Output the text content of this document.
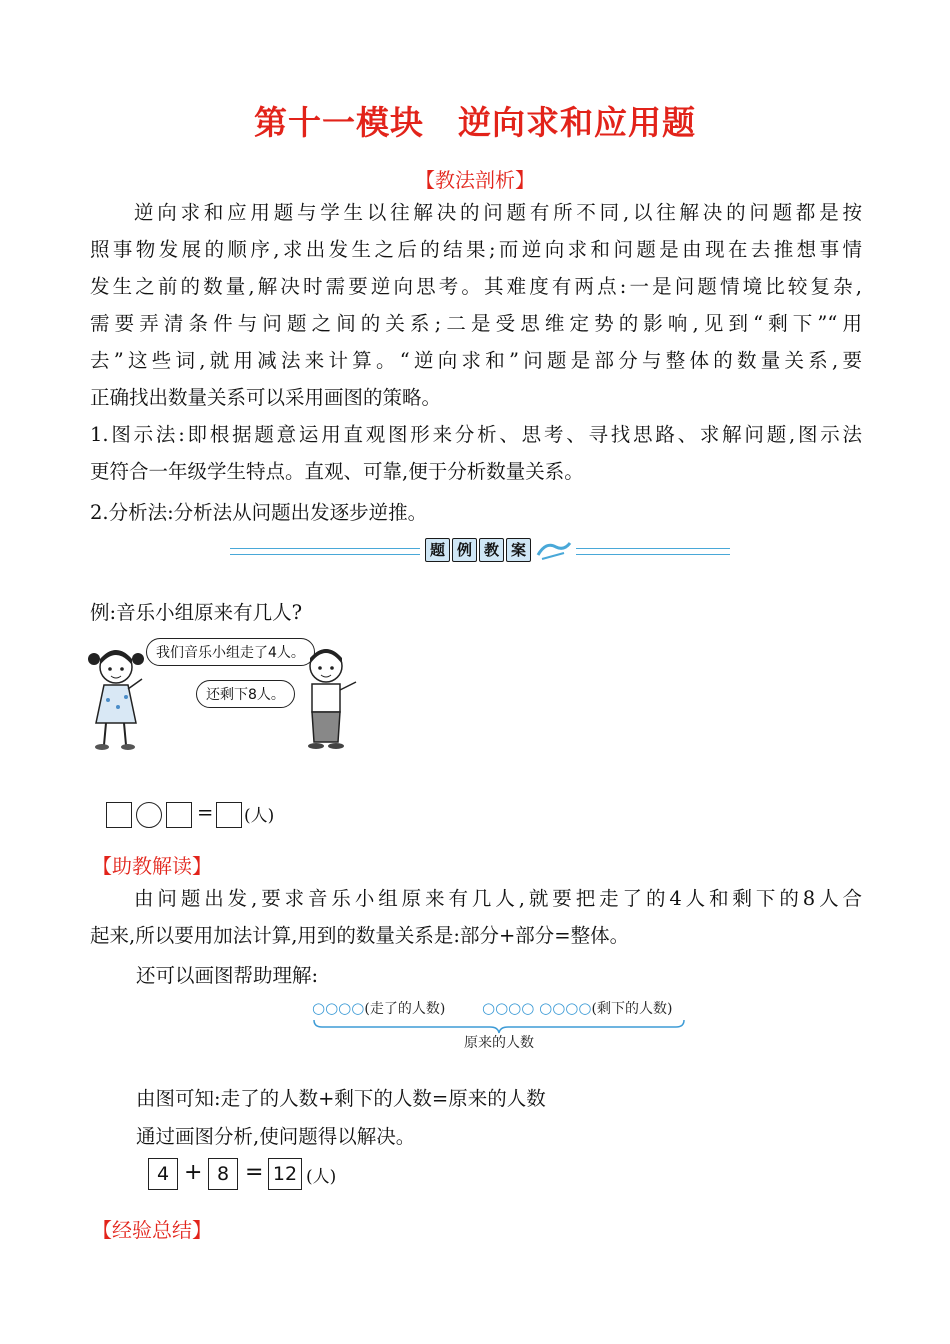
第十一模块　逆向求和应用题
【教法剖析】

逆向求和应用题与学生以往解决的问题有所不同,以往解决的问题都是按

照事物发展的顺序,求出发生之后的结果;而逆向求和问题是由现在去推想事情

发生之前的数量,解决时需要逆向思考。其难度有两点:一是问题情境比较复杂,

需要弄清条件与问题之间的关系;二是受思维定势的影响,见到“剩下”“用

去”这些词,就用减法来计算。“逆向求和”问题是部分与整体的数量关系,要

正确找出数量关系可以采用画图的策略。

1.图示法:即根据题意运用直观图形来分析、思考、寻找思路、求解问题,图示法

更符合一年级学生特点。直观、可靠,便于分析数量关系。

2.分析法:分析法从问题出发逐步逆推。
题 例 教 案
例:音乐小组原来有几人?
我们音乐小组走了4人。
还剩下8人。
= (人)
【助教解读】

由问题出发,要求音乐小组原来有几人,就要把走了的4人和剩下的8人合

起来,所以要用加法计算,用到的数量关系是:部分+部分=整体。

还可以画图帮助理解:
○○○○(走了的人数) ○○○○ ○○○○(剩下的人数)
原来的人数
由图可知:走了的人数+剩下的人数=原来的人数
通过画图分析,使问题得以解决。
4 + 8 = 12 (人)
【经验总结】
